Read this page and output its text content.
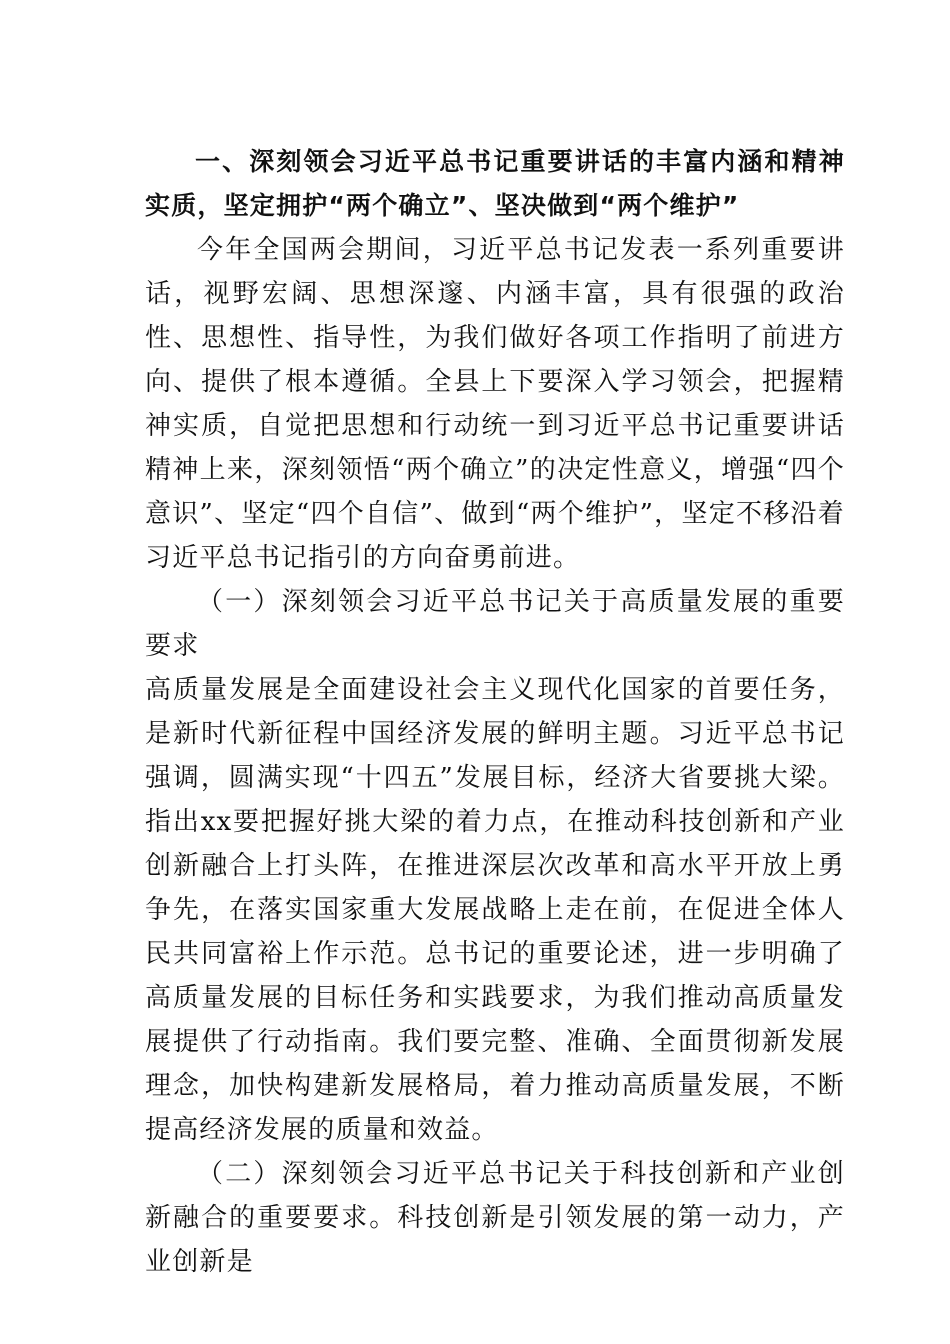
一、深刻领会习近平总书记重要讲话的丰富内涵和精神实质，坚定拥护“两个确立”、坚决做到“两个维护”

今年全国两会期间，习近平总书记发表一系列重要讲话，视野宏阔、思想深邃、内涵丰富，具有很强的政治性、思想性、指导性，为我们做好各项工作指明了前进方向、提供了根本遵循。全县上下要深入学习领会，把握精神实质，自觉把思想和行动统一到习近平总书记重要讲话精神上来，深刻领悟“两个确立”的决定性意义，增强“四个意识”、坚定“四个自信”、做到“两个维护”，坚定不移沿着习近平总书记指引的方向奋勇前进。

（一）深刻领会习近平总书记关于高质量发展的重要要求

高质量发展是全面建设社会主义现代化国家的首要任务，是新时代新征程中国经济发展的鲜明主题。习近平总书记强调，圆满实现“十四五”发展目标，经济大省要挑大梁。指出xx要把握好挑大梁的着力点，在推动科技创新和产业创新融合上打头阵，在推进深层次改革和高水平开放上勇争先，在落实国家重大发展战略上走在前，在促进全体人民共同富裕上作示范。总书记的重要论述，进一步明确了高质量发展的目标任务和实践要求，为我们推动高质量发展提供了行动指南。我们要完整、准确、全面贯彻新发展理念，加快构建新发展格局，着力推动高质量发展，不断提高经济发展的质量和效益。

（二）深刻领会习近平总书记关于科技创新和产业创新融合的重要要求。科技创新是引领发展的第一动力，产业创新是
